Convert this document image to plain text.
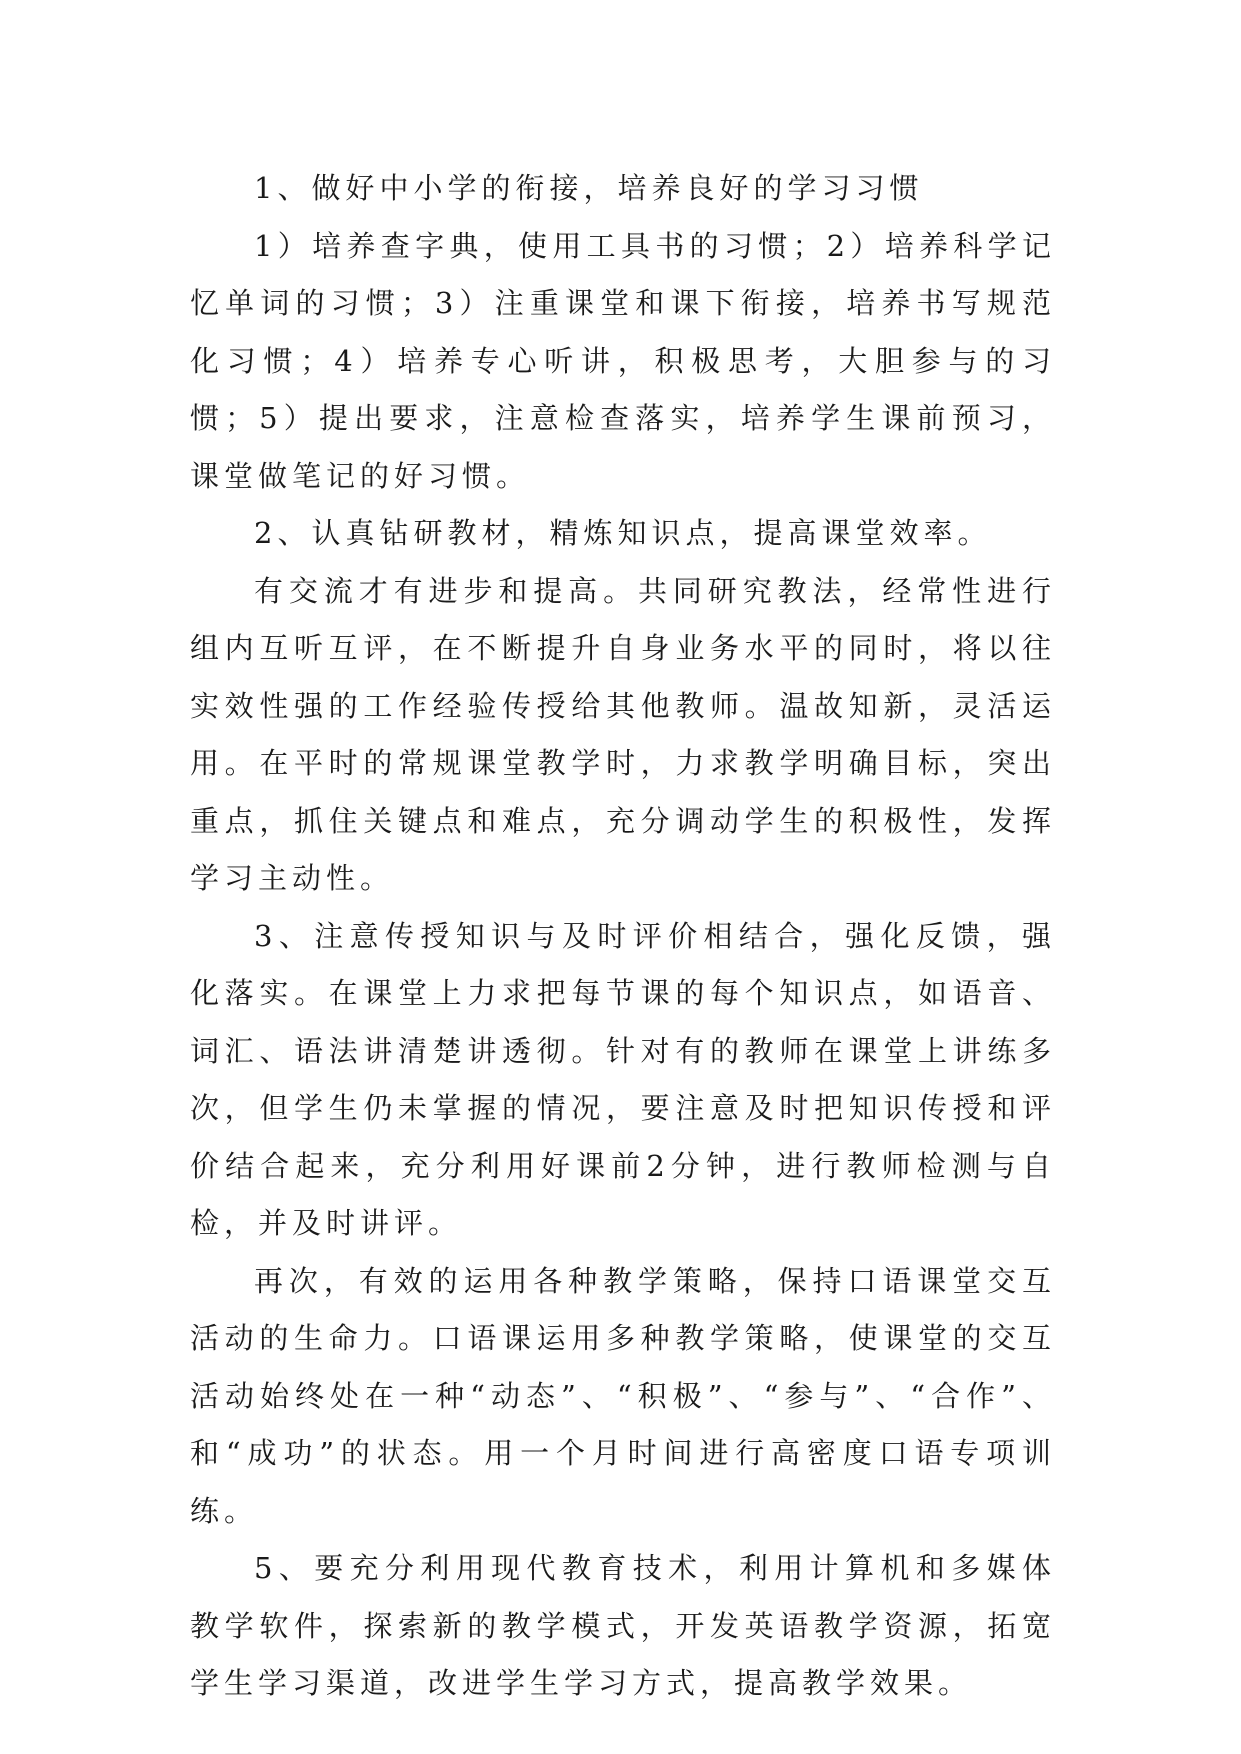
1、做好中小学的衔接，培养良好的学习习惯

1）培养查字典，使用工具书的习惯；2）培养科学记忆单词的习惯；3）注重课堂和课下衔接，培养书写规范化习惯；4）培养专心听讲，积极思考，大胆参与的习惯；5）提出要求，注意检查落实，培养学生课前预习，课堂做笔记的好习惯。

2、认真钻研教材，精炼知识点，提高课堂效率。

有交流才有进步和提高。共同研究教法，经常性进行组内互听互评，在不断提升自身业务水平的同时，将以往实效性强的工作经验传授给其他教师。温故知新，灵活运用。在平时的常规课堂教学时，力求教学明确目标，突出重点，抓住关键点和难点，充分调动学生的积极性，发挥学习主动性。

3、注意传授知识与及时评价相结合，强化反馈，强化落实。在课堂上力求把每节课的每个知识点，如语音、词汇、语法讲清楚讲透彻。针对有的教师在课堂上讲练多次，但学生仍未掌握的情况，要注意及时把知识传授和评价结合起来，充分利用好课前2分钟，进行教师检测与自检，并及时讲评。

再次，有效的运用各种教学策略，保持口语课堂交互活动的生命力。口语课运用多种教学策略，使课堂的交互活动始终处在一种“动态”、“积极”、“参与”、“合作”、和“成功”的状态。用一个月时间进行高密度口语专项训练。

5、要充分利用现代教育技术，利用计算机和多媒体教学软件，探索新的教学模式，开发英语教学资源，拓宽学生学习渠道，改进学生学习方式，提高教学效果。
